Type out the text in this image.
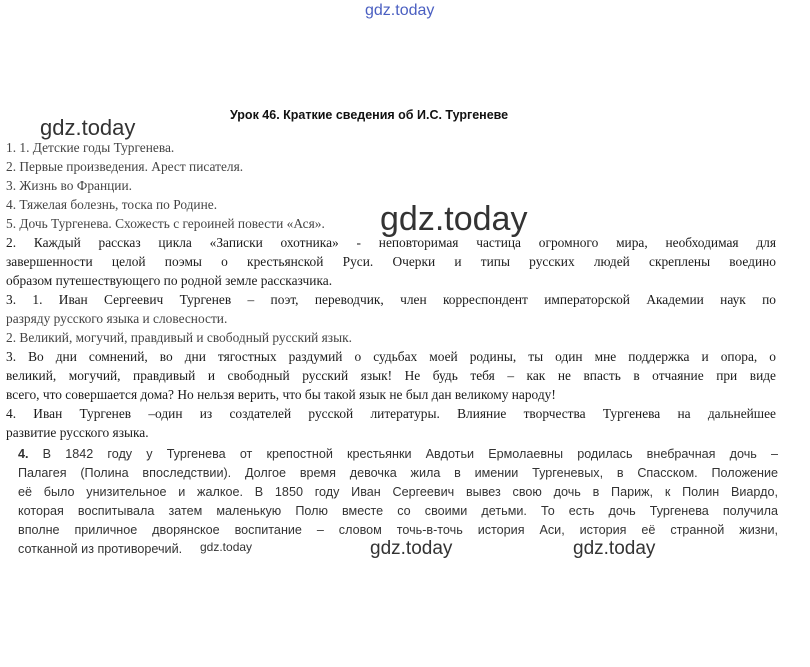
gdz.today
gdz.today
gdz.today
Урок 46. Краткие сведения об И.С. Тургеневе
1. 1. Детские годы Тургенева.
2. Первые произведения. Арест писателя.
3. Жизнь во Франции.
4. Тяжелая болезнь, тоска по Родине.
5. Дочь Тургенева. Схожесть с героиней повести «Ася».
2. Каждый рассказ цикла «Записки охотника» - неповторимая частица огромного мира, необходимая для
завершенности целой поэмы о крестьянской Руси. Очерки и типы русских людей скреплены воедино
образом путешествующего по родной земле рассказчика.
3. 1. Иван Сергеевич Тургенев – поэт, переводчик, член корреспондент императорской Академии наук по
разряду русского языка и словесности.
2. Великий, могучий, правдивый и свободный русский язык.
3. Во дни сомнений, во дни тягостных раздумий о судьбах моей родины, ты один мне поддержка и опора, о
великий, могучий, правдивый и свободный русский язык! Не будь тебя – как не впасть в отчаяние при виде
всего, что совершается дома? Но нельзя верить, что бы такой язык не был дан великому народу!
4. Иван Тургенев –один из создателей русской литературы. Влияние творчества Тургенева на дальнейшее
развитие русского языка.
4. В 1842 году у Тургенева от крепостной крестьянки Авдотьи Ермолаевны родилась внебрачная дочь –
Палагея (Полина впоследствии). Долгое время девочка жила в имении Тургеневых, в Спасском. Положение
её было унизительное и жалкое. В 1850 году Иван Сергеевич вывез свою дочь в Париж, к Полин Виардо,
которая воспитывала затем маленькую Полю вместе со своими детьми. То есть дочь Тургенева получила
вполне приличное дворянское воспитание – словом точь-в-точь история Аси, история её странной жизни,
сотканной из противоречий.	gdz.today	gdz.today	gdz.today
